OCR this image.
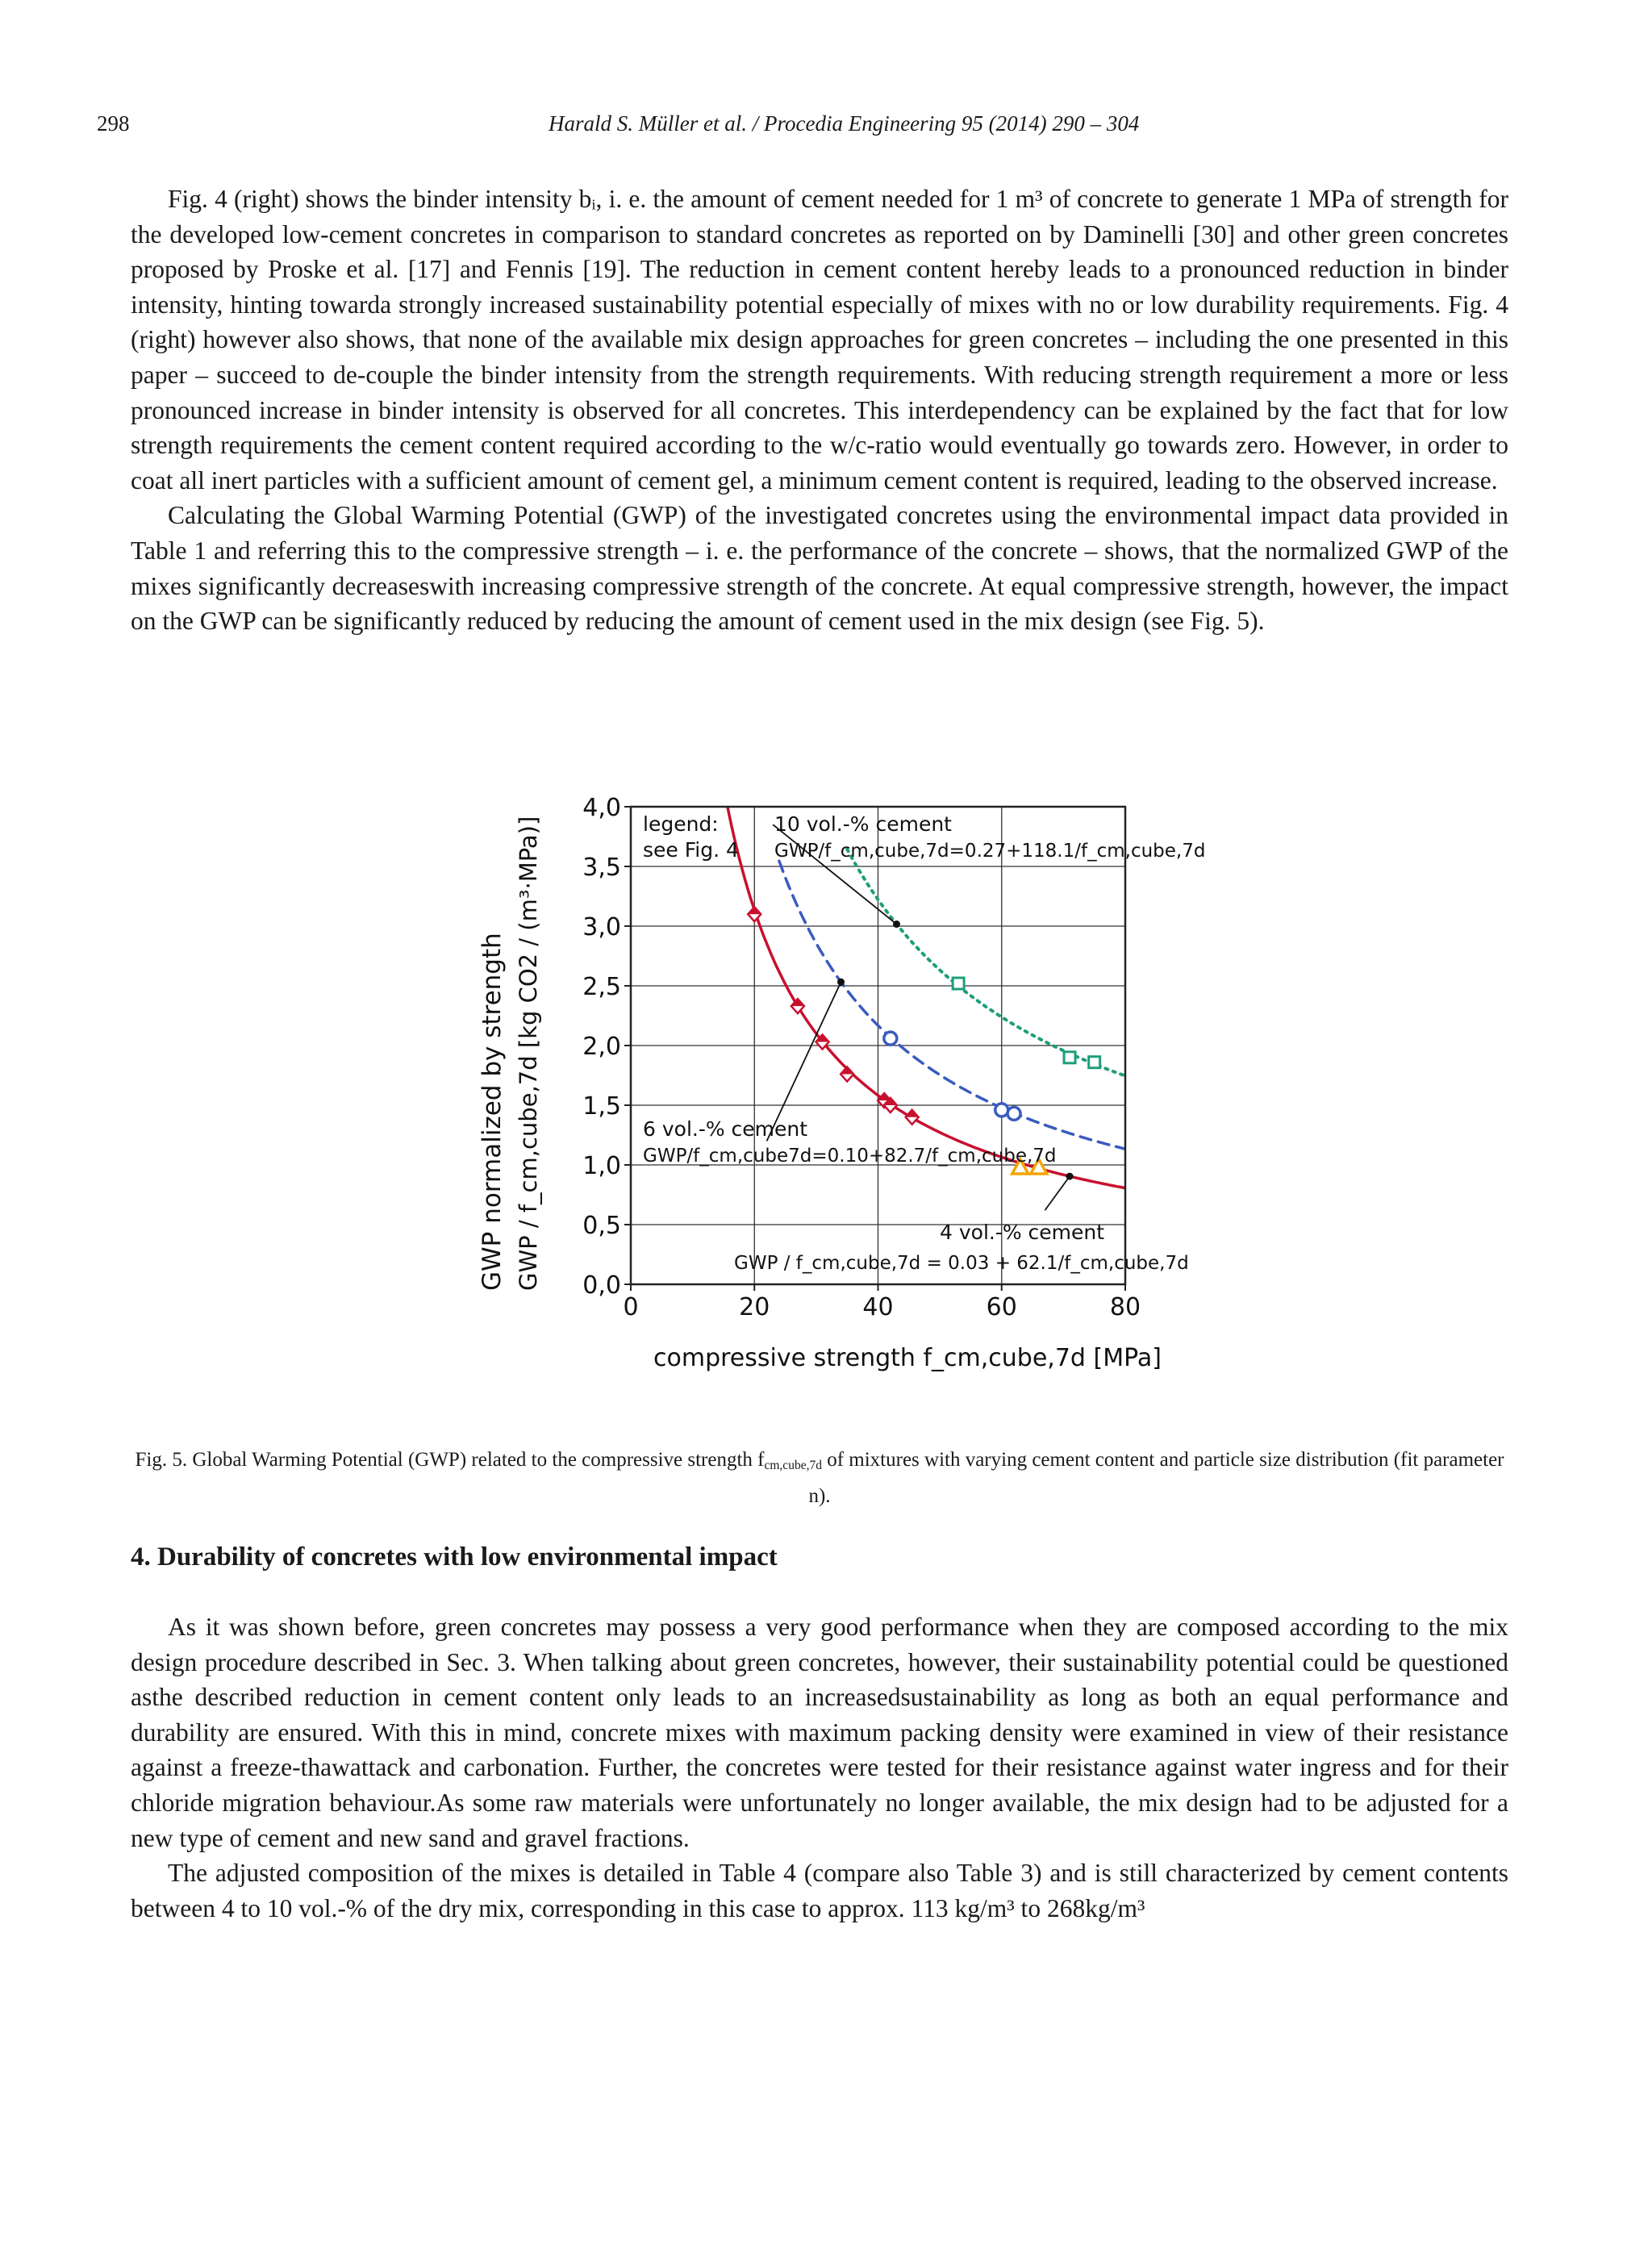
298	Harald S. Müller et al. / Procedia Engineering 95 (2014) 290 – 304

Fig. 4 (right) shows the binder intensity bᵢ, i. e. the amount of cement needed for 1 m³ of concrete to generate 1 MPa of strength for the developed low-cement concretes in comparison to standard concretes as reported on by Daminelli [30] and other green concretes proposed by Proske et al. [17] and Fennis [19]. The reduction in cement content hereby leads to a pronounced reduction in binder intensity, hinting towarda strongly increased sustainability potential especially of mixes with no or low durability requirements. Fig. 4 (right) however also shows, that none of the available mix design approaches for green concretes – including the one presented in this paper – succeed to de-couple the binder intensity from the strength requirements. With reducing strength requirement a more or less pronounced increase in binder intensity is observed for all concretes. This interdependency can be explained by the fact that for low strength requirements the cement content required according to the w/c-ratio would eventually go towards zero. However, in order to coat all inert particles with a sufficient amount of cement gel, a minimum cement content is required, leading to the observed increase.

Calculating the Global Warming Potential (GWP) of the investigated concretes using the environmental impact data provided in Table 1 and referring this to the compressive strength – i. e. the performance of the concrete – shows, that the normalized GWP of the mixes significantly decreaseswith increasing compressive strength of the concrete. At equal compressive strength, however, the impact on the GWP can be significantly reduced by reducing the amount of cement used in the mix design (see Fig. 5).

0,0
0,5
1,0
1,5
2,0
2,5
3,0
3,5
4,0
0	20	40	60	80
legend:
see Fig. 4
10 vol.-% cement
GWP/f_cm,cube,7d=0.27+118.1/f_cm,cube,7d
6 vol.-% cement
GWP/f_cm,cube7d=0.10+82.7/f_cm,cube,7d
4 vol.-% cement
GWP / f_cm,cube,7d = 0.03 + 62.1/f_cm,cube,7d
compressive strength f_cm,cube,7d [MPa]
GWP normalized by strength GWP / f_cm,cube,7d [kg CO2 / (m³·MPa)]
Fig. 5. Global Warming Potential (GWP) related to the compressive strength $f_{cm,cube,7d}$ of mixtures with varying cement content and particle size distribution (fit parameter n).
4. Durability of concretes with low environmental impact

As it was shown before, green concretes may possess a very good performance when they are composed according to the mix design procedure described in Sec. 3. When talking about green concretes, however, their sustainability potential could be questioned asthe described reduction in cement content only leads to an increasedsustainability as long as both an equal performance and durability are ensured. With this in mind, concrete mixes with maximum packing density were examined in view of their resistance against a freeze-thawattack and carbonation. Further, the concretes were tested for their resistance against water ingress and for their chloride migration behaviour.As some raw materials were unfortunately no longer available, the mix design had to be adjusted for a new type of cement and new sand and gravel fractions.

The adjusted composition of the mixes is detailed in Table 4 (compare also Table 3) and is still characterized by cement contents between 4 to 10 vol.-% of the dry mix, corresponding in this case to approx. 113 kg/m³ to 268kg/m³
